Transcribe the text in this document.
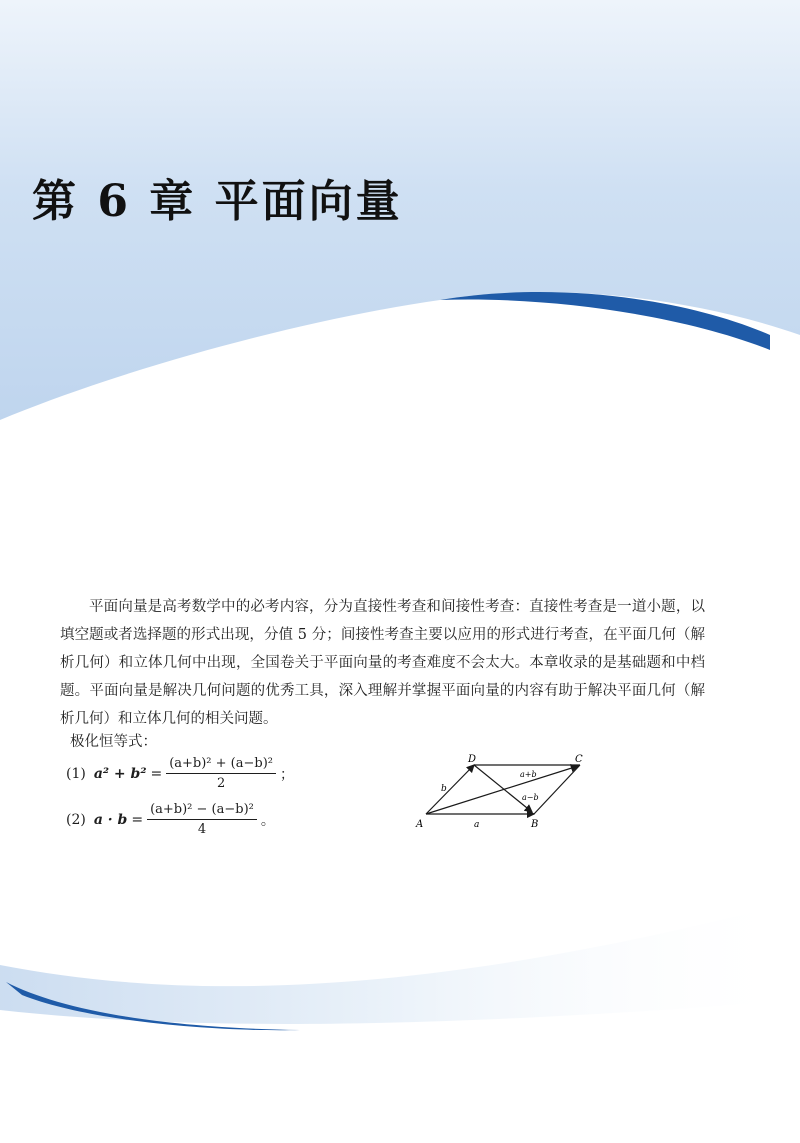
第 6 章 平面向量

平面向量是高考数学中的必考内容，分为直接性考查和间接性考查：直接性考查是一道小题，以填空题或者选择题的形式出现，分值 5 分；间接性考查主要以应用的形式进行考查，在平面几何（解析几何）和立体几何中出现，全国卷关于平面向量的考查难度不会太大。本章收录的是基础题和中档题。平面向量是解决几何问题的优秀工具，深入理解并掌握平面向量的内容有助于解决平面几何（解析几何）和立体几何的相关问题。

极化恒等式：
(1) $a^2 + b^2 = \frac{\text{(a+b)² + (a−b)²}}{2}$ ；
(2) $a \cdot b = \frac{\text{(a+b)² − (a−b)²}}{4}$ 。	A	B
C
D
a
b
a+b
a−b
